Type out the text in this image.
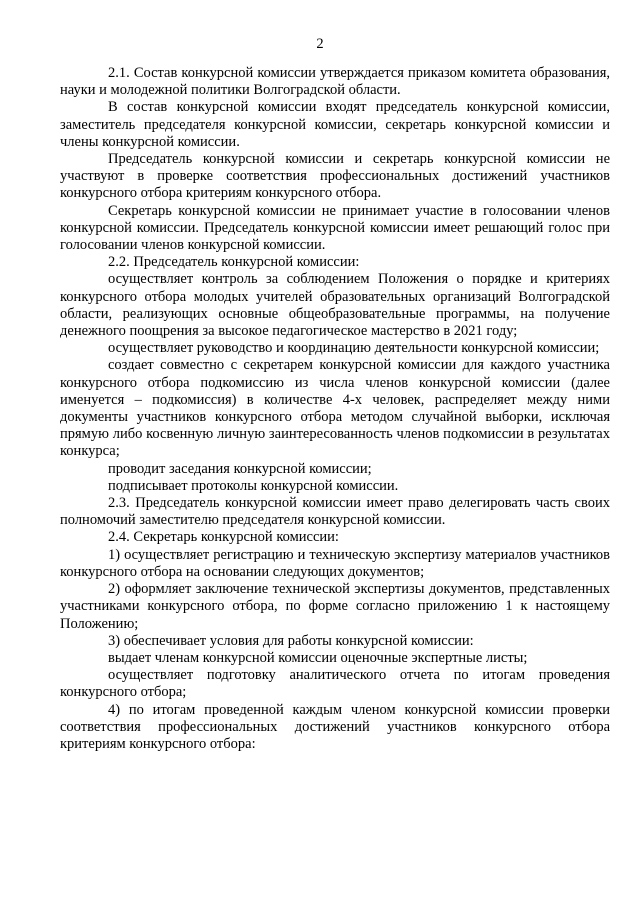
2

2.1. Состав конкурсной комиссии утверждается приказом комитета образования, науки и молодежной политики Волгоградской области.

В состав конкурсной комиссии входят председатель конкурсной комиссии, заместитель председателя конкурсной комиссии, секретарь конкурсной комиссии и члены конкурсной комиссии.

Председатель конкурсной комиссии и секретарь конкурсной комиссии не участвуют в проверке соответствия профессиональных достижений участников конкурсного отбора критериям конкурсного отбора.

Секретарь конкурсной комиссии не принимает участие в голосовании членов конкурсной комиссии. Председатель конкурсной комиссии имеет решающий голос при голосовании членов конкурсной комиссии.

2.2. Председатель конкурсной комиссии:

осуществляет контроль за соблюдением Положения о порядке и критериях конкурсного отбора молодых учителей образовательных организаций Волгоградской области, реализующих основные общеобразовательные программы, на получение денежного поощрения за высокое педагогическое мастерство в 2021 году;

осуществляет руководство и координацию деятельности конкурсной комиссии;

создает совместно с секретарем конкурсной комиссии для каждого участника конкурсного отбора подкомиссию из числа членов конкурсной комиссии (далее именуется – подкомиссия) в количестве 4-х человек, распределяет между ними документы участников конкурсного отбора методом случайной выборки, исключая прямую либо косвенную личную заинтересованность членов подкомиссии в результатах конкурса;

проводит заседания конкурсной комиссии;

подписывает протоколы конкурсной комиссии.

2.3. Председатель конкурсной комиссии имеет право делегировать часть своих полномочий заместителю председателя конкурсной комиссии.

2.4. Секретарь конкурсной комиссии:

1) осуществляет регистрацию и техническую экспертизу материалов участников конкурсного отбора на основании следующих документов;

2) оформляет заключение технической экспертизы документов, представленных участниками конкурсного отбора, по форме согласно приложению 1 к настоящему Положению;

3) обеспечивает условия для работы конкурсной комиссии:

выдает членам конкурсной комиссии оценочные экспертные листы;

осуществляет подготовку аналитического отчета по итогам проведения конкурсного отбора;

4) по итогам проведенной каждым членом конкурсной комиссии проверки соответствия профессиональных достижений участников конкурсного отбора критериям конкурсного отбора:
